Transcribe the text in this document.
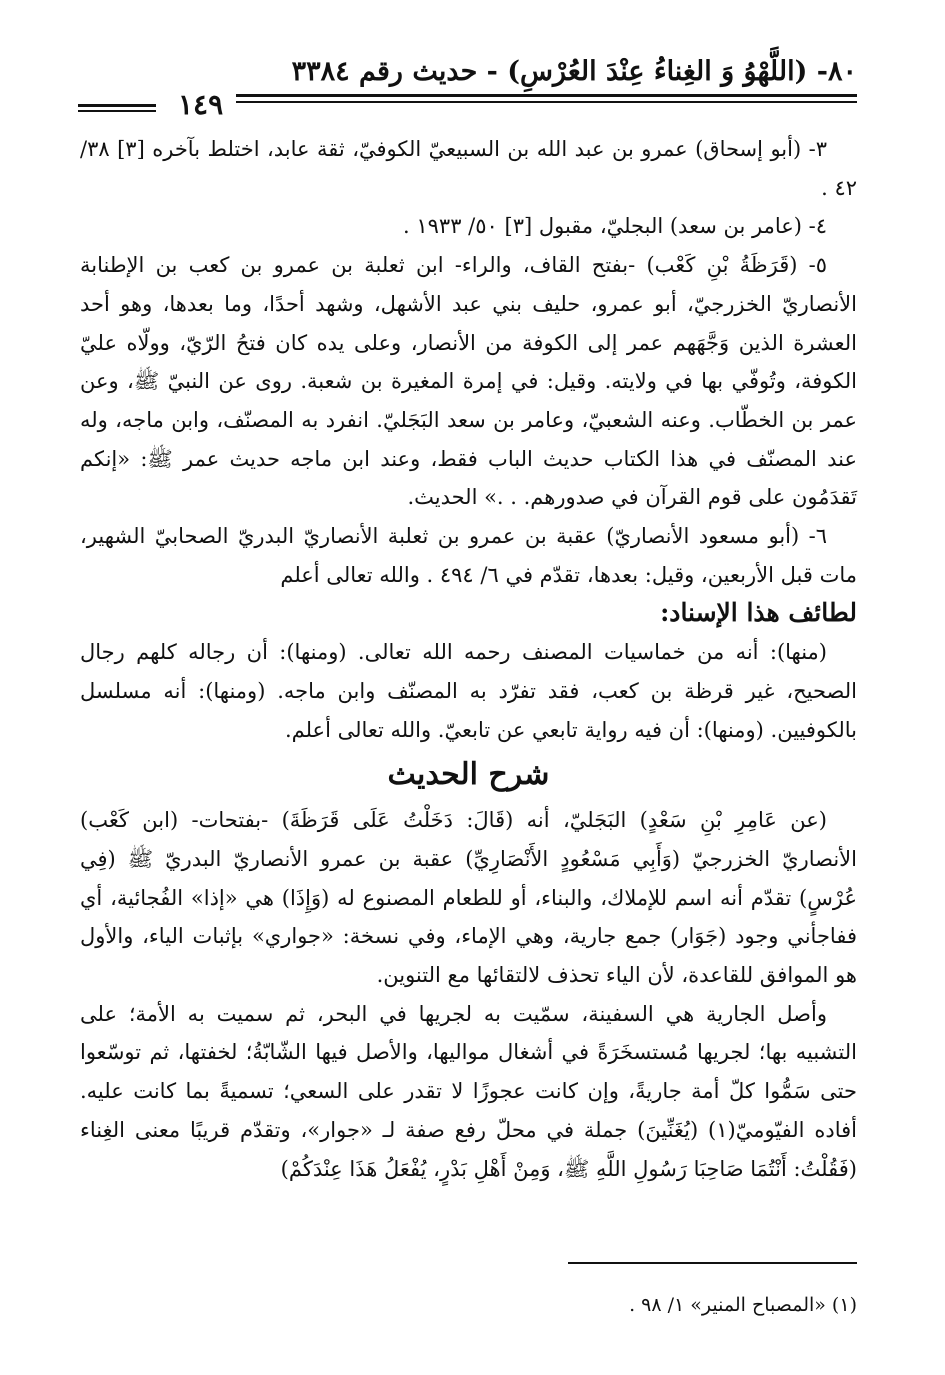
٨٠- (اللَّهْوُ وَ الغِناءُ عِنْدَ العُرْسِ) - حديث رقم ٣٣٨٤
١٤٩

٣- (أبو إسحاق) عمرو بن عبد الله بن السبيعيّ الكوفيّ، ثقة عابد، اختلط بآخره [٣] ٣٨/ ٤٢ .

٤- (عامر بن سعد) البجليّ، مقبول [٣] ٥٠/ ١٩٣٣ .

٥- (قَرَظَةُ بْنِ كَعْب) -بفتح القاف، والراء- ابن ثعلبة بن عمرو بن كعب بن الإطنابة الأنصاريّ الخزرجيّ، أبو عمرو، حليف بني عبد الأشهل، وشهد أحدًا، وما بعدها، وهو أحد العشرة الذين وَجَّهَهم عمر إلى الكوفة من الأنصار، وعلى يده كان فتحُ الرّيّ، وولّاه عليّ الكوفة، وتُوفّي بها في ولايته. وقيل: في إمرة المغيرة بن شعبة. روى عن النبيّ ﷺ، وعن عمر بن الخطّاب. وعنه الشعبيّ، وعامر بن سعد البَجَليّ. انفرد به المصنّف، وابن ماجه، وله عند المصنّف في هذا الكتاب حديث الباب فقط، وعند ابن ماجه حديث عمر ﷺ: «إنكم تَقدَمُون على قوم القرآن في صدورهم. . .» الحديث.

٦- (أبو مسعود الأنصاريّ) عقبة بن عمرو بن ثعلبة الأنصاريّ البدريّ الصحابيّ الشهير، مات قبل الأربعين، وقيل: بعدها، تقدّم في ٦/ ٤٩٤ . والله تعالى أعلم

لطائف هذا الإسناد:

(منها): أنه من خماسيات المصنف رحمه الله تعالى. (ومنها): أن رجاله كلهم رجال الصحيح، غير قرظة بن كعب، فقد تفرّد به المصنّف وابن ماجه. (ومنها): أنه مسلسل بالكوفيين. (ومنها): أن فيه رواية تابعي عن تابعيّ. والله تعالى أعلم.

شرح الحديث

(عن عَامِرِ بْنِ سَعْدٍ) البَجَليّ، أنه (قَالَ: دَخَلْتُ عَلَى قَرَظَةَ) -بفتحات- (ابن كَعْب) الأنصاريّ الخزرجيّ (وَأَبِي مَسْعُودٍ الأَنْصَارِيِّ) عقبة بن عمرو الأنصاريّ البدريّ ﷺ (فِي عُرْسٍ) تقدّم أنه اسم للإملاك، والبناء، أو للطعام المصنوع له (وَإِذَا) هي «إذا» الفُجائية، أي ففاجأني وجود (جَوَار) جمع جارية، وهي الإماء، وفي نسخة: «جواري» بإثبات الياء، والأول هو الموافق للقاعدة، لأن الياء تحذف لالتقائها مع التنوين.

وأصل الجارية هي السفينة، سمّيت به لجريها في البحر، ثم سميت به الأمة؛ على التشبيه بها؛ لجريها مُستسخَرَةً في أشغال مواليها، والأصل فيها الشّابّةُ؛ لخفتها، ثم توسّعوا حتى سَمُّوا كلّ أمة جاريةً، وإن كانت عجوزًا لا تقدر على السعي؛ تسميةً بما كانت عليه. أفاده الفيّوميّ(١) (يُغَنِّينَ) جملة في محلّ رفع صفة لـ «جوار»، وتقدّم قريبًا معنى الغِناء (فَقُلْتُ: أَنْتُمَا صَاحِبَا رَسُولِ اللَّهِ ﷺ، وَمِنْ أَهْلِ بَدْرٍ، يُفْعَلُ هَذَا عِنْدَكُمْ)

(١) «المصباح المنير» ١/ ٩٨ .
